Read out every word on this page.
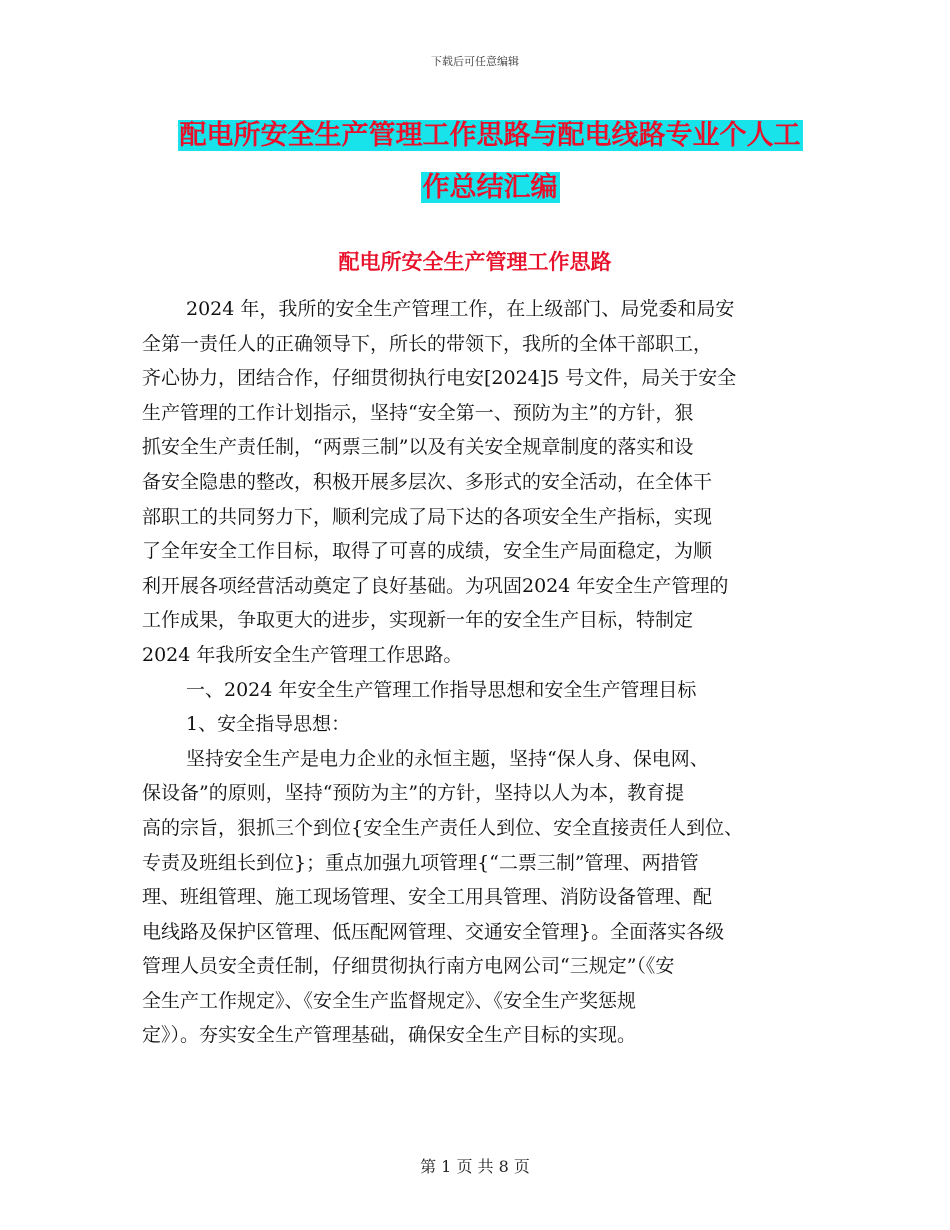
下载后可任意编辑
配电所安全生产管理工作思路与配电线路专业个人工
作总结汇编
配电所安全生产管理工作思路
2024 年，我所的安全生产管理工作，在上级部门、局党委和局安
全第一责任人的正确领导下，所长的带领下，我所的全体干部职工，
齐心协力，团结合作，仔细贯彻执行电安[2024]5 号文件，局关于安全
生产管理的工作计划指示，坚持“安全第一、预防为主”的方针，狠
抓安全生产责任制，“两票三制”以及有关安全规章制度的落实和设
备安全隐患的整改，积极开展多层次、多形式的安全活动，在全体干
部职工的共同努力下，顺利完成了局下达的各项安全生产指标，实现
了全年安全工作目标，取得了可喜的成绩，安全生产局面稳定，为顺
利开展各项经营活动奠定了良好基础。为巩固2024 年安全生产管理的
工作成果，争取更大的进步，实现新一年的安全生产目标，特制定
2024 年我所安全生产管理工作思路。
一、2024 年安全生产管理工作指导思想和安全生产管理目标
1、安全指导思想：
坚持安全生产是电力企业的永恒主题，坚持“保人身、保电网、
保设备”的原则，坚持“预防为主”的方针，坚持以人为本，教育提
高的宗旨，狠抓三个到位{安全生产责任人到位、安全直接责任人到位、
专责及班组长到位}；重点加强九项管理{“二票三制”管理、两措管
理、班组管理、施工现场管理、安全工用具管理、消防设备管理、配
电线路及保护区管理、低压配网管理、交通安全管理}。全面落实各级
管理人员安全责任制，仔细贯彻执行南方电网公司“三规定”（《安
全生产工作规定》、《安全生产监督规定》、《安全生产奖惩规
定》）。夯实安全生产管理基础，确保安全生产目标的实现。
第 1 页 共 8 页
